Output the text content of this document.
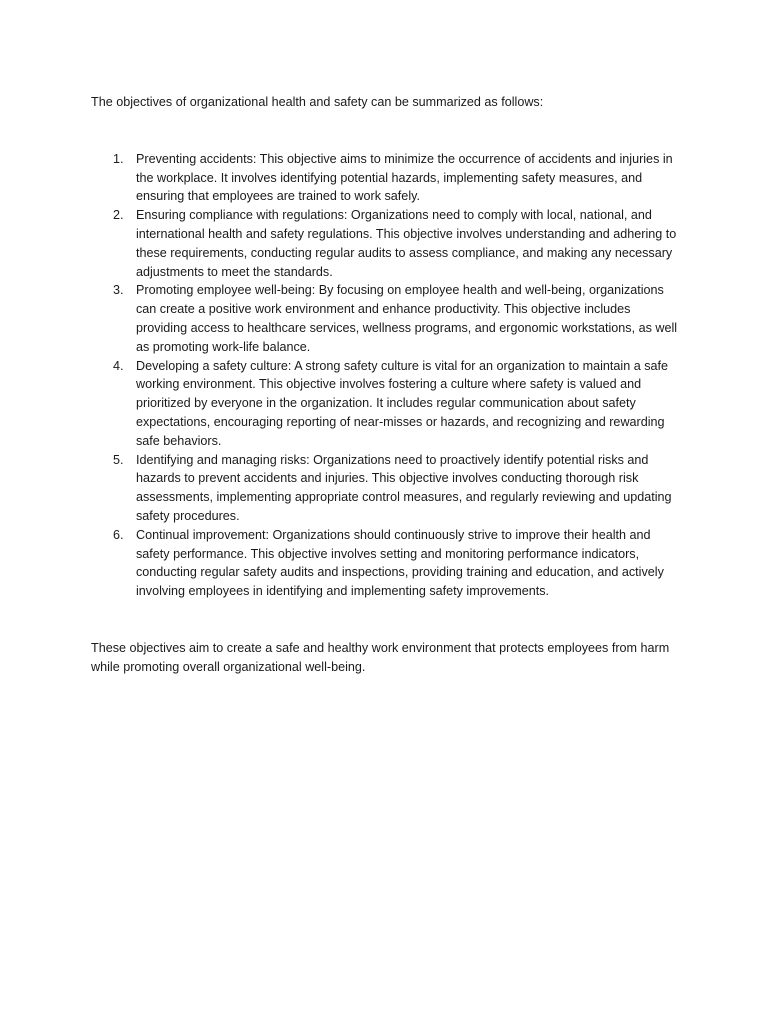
The objectives of organizational health and safety can be summarized as follows:

1. Preventing accidents: This objective aims to minimize the occurrence of accidents and injuries in the workplace. It involves identifying potential hazards, implementing safety measures, and ensuring that employees are trained to work safely.
2. Ensuring compliance with regulations: Organizations need to comply with local, national, and international health and safety regulations. This objective involves understanding and adhering to these requirements, conducting regular audits to assess compliance, and making any necessary adjustments to meet the standards.
3. Promoting employee well-being: By focusing on employee health and well-being, organizations can create a positive work environment and enhance productivity. This objective includes providing access to healthcare services, wellness programs, and ergonomic workstations, as well as promoting work-life balance.
4. Developing a safety culture: A strong safety culture is vital for an organization to maintain a safe working environment. This objective involves fostering a culture where safety is valued and prioritized by everyone in the organization. It includes regular communication about safety expectations, encouraging reporting of near-misses or hazards, and recognizing and rewarding safe behaviors.
5. Identifying and managing risks: Organizations need to proactively identify potential risks and hazards to prevent accidents and injuries. This objective involves conducting thorough risk assessments, implementing appropriate control measures, and regularly reviewing and updating safety procedures.
6. Continual improvement: Organizations should continuously strive to improve their health and safety performance. This objective involves setting and monitoring performance indicators, conducting regular safety audits and inspections, providing training and education, and actively involving employees in identifying and implementing safety improvements.

These objectives aim to create a safe and healthy work environment that protects employees from harm while promoting overall organizational well-being.
